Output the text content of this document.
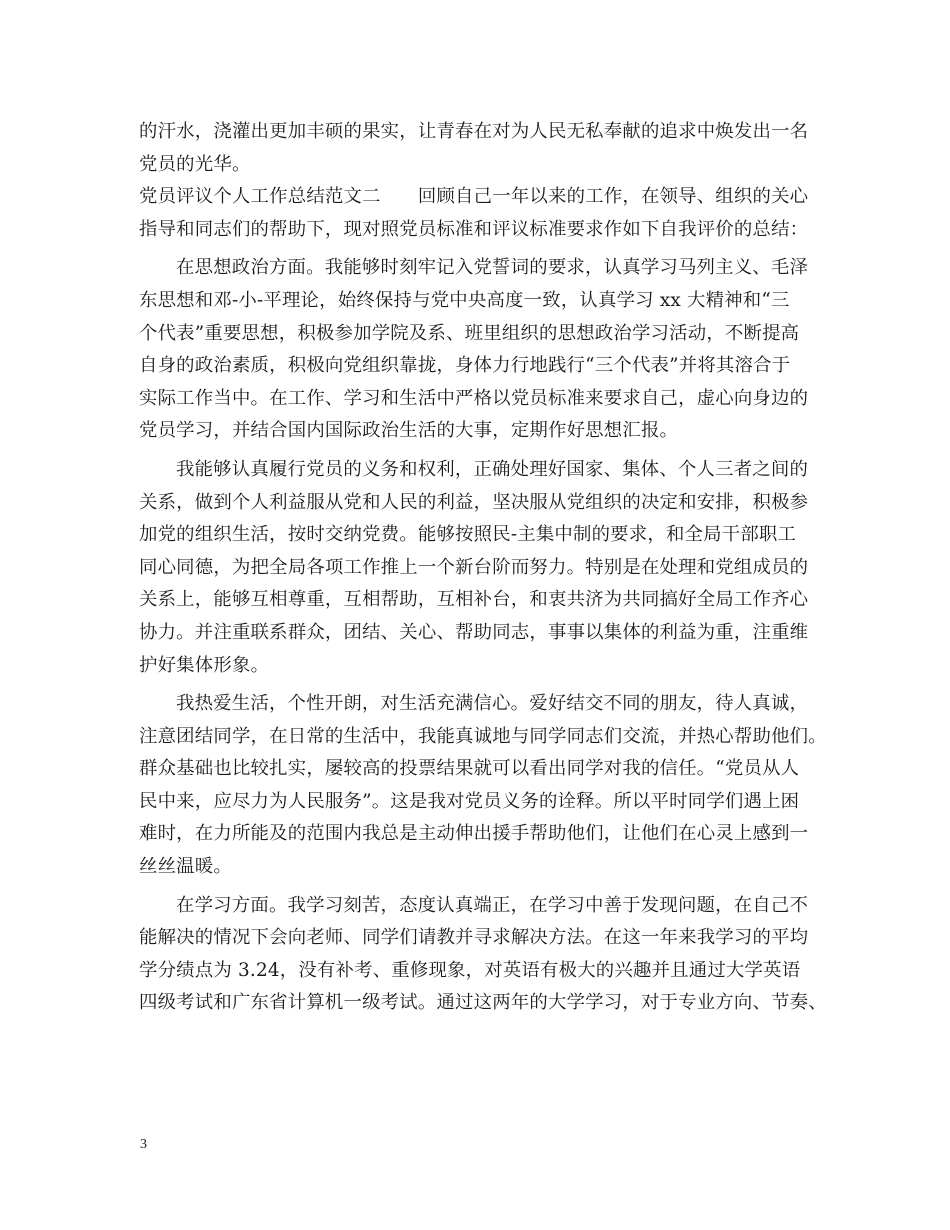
的汗水，浇灌出更加丰硕的果实，让青春在对为人民无私奉献的追求中焕发出一名
党员的光华。
党员评议个人工作总结范文二　　回顾自己一年以来的工作，在领导、组织的关心
指导和同志们的帮助下，现对照党员标准和评议标准要求作如下自我评价的总结：
在思想政治方面。我能够时刻牢记入党誓词的要求，认真学习马列主义、毛泽
东思想和邓-小-平理论，始终保持与党中央高度一致，认真学习 xx 大精神和“三
个代表”重要思想，积极参加学院及系、班里组织的思想政治学习活动，不断提高
自身的政治素质，积极向党组织靠拢，身体力行地践行“三个代表”并将其溶合于
实际工作当中。在工作、学习和生活中严格以党员标准来要求自己，虚心向身边的
党员学习，并结合国内国际政治生活的大事，定期作好思想汇报。
我能够认真履行党员的义务和权利，正确处理好国家、集体、个人三者之间的
关系，做到个人利益服从党和人民的利益，坚决服从党组织的决定和安排，积极参
加党的组织生活，按时交纳党费。能够按照民-主集中制的要求，和全局干部职工
同心同德，为把全局各项工作推上一个新台阶而努力。特别是在处理和党组成员的
关系上，能够互相尊重，互相帮助，互相补台，和衷共济为共同搞好全局工作齐心
协力。并注重联系群众，团结、关心、帮助同志，事事以集体的利益为重，注重维
护好集体形象。
我热爱生活，个性开朗，对生活充满信心。爱好结交不同的朋友，待人真诚，
注意团结同学，在日常的生活中，我能真诚地与同学同志们交流，并热心帮助他们。
群众基础也比较扎实，屡较高的投票结果就可以看出同学对我的信任。“党员从人
民中来，应尽力为人民服务”。这是我对党员义务的诠释。所以平时同学们遇上困
难时，在力所能及的范围内我总是主动伸出援手帮助他们，让他们在心灵上感到一
丝丝温暖。
在学习方面。我学习刻苦，态度认真端正，在学习中善于发现问题，在自己不
能解决的情况下会向老师、同学们请教并寻求解决方法。在这一年来我学习的平均
学分绩点为 3.24，没有补考、重修现象，对英语有极大的兴趣并且通过大学英语
四级考试和广东省计算机一级考试。通过这两年的大学学习，对于专业方向、节奏、
3
